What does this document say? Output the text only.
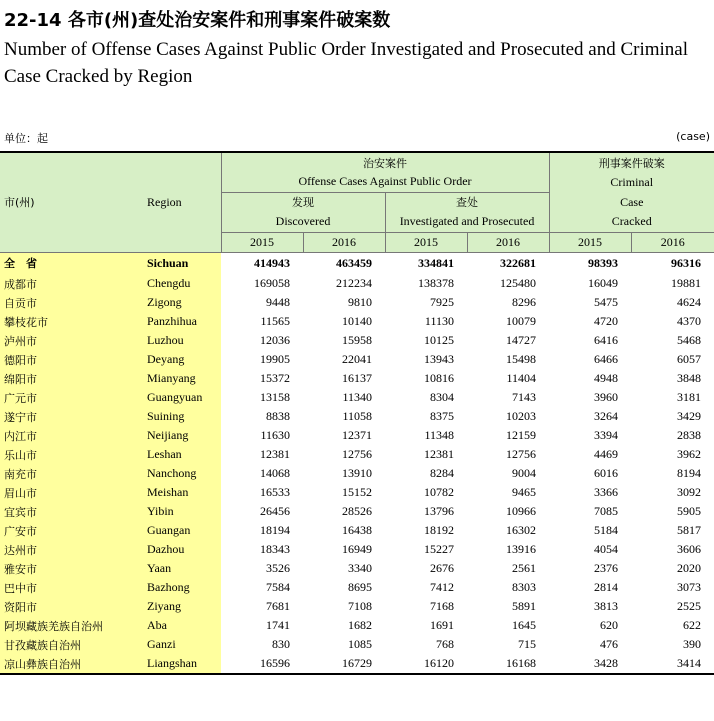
22-14 各市(州)查处治安案件和刑事案件破案数
Number of Offense Cases Against Public Order Investigated and Prosecuted and Criminal Case Cracked by Region
单位：起	(case)
市(州)	Region	治安案件				刑事案件破案	
		Offense Cases Against Public Order				Criminal	
		发现		查处		Case	
		Discovered		Investigated and Prosecuted		Cracked	
		2015	2016	2015	2016	2015	2016
全　省	Sichuan	414943	463459	334841	322681	98393	96316
成都市	Chengdu	169058	212234	138378	125480	16049	19881
自贡市	Zigong	9448	9810	7925	8296	5475	4624
攀枝花市	Panzhihua	11565	10140	11130	10079	4720	4370
泸州市	Luzhou	12036	15958	10125	14727	6416	5468
德阳市	Deyang	19905	22041	13943	15498	6466	6057
绵阳市	Mianyang	15372	16137	10816	11404	4948	3848
广元市	Guangyuan	13158	11340	8304	7143	3960	3181
遂宁市	Suining	8838	11058	8375	10203	3264	3429
内江市	Neijiang	11630	12371	11348	12159	3394	2838
乐山市	Leshan	12381	12756	12381	12756	4469	3962
南充市	Nanchong	14068	13910	8284	9004	6016	8194
眉山市	Meishan	16533	15152	10782	9465	3366	3092
宜宾市	Yibin	26456	28526	13796	10966	7085	5905
广安市	Guangan	18194	16438	18192	16302	5184	5817
达州市	Dazhou	18343	16949	15227	13916	4054	3606
雅安市	Yaan	3526	3340	2676	2561	2376	2020
巴中市	Bazhong	7584	8695	7412	8303	2814	3073
资阳市	Ziyang	7681	7108	7168	5891	3813	2525
阿坝藏族羌族自治州	Aba	1741	1682	1691	1645	620	622
甘孜藏族自治州	Ganzi	830	1085	768	715	476	390
凉山彝族自治州	Liangshan	16596	16729	16120	16168	3428	3414
